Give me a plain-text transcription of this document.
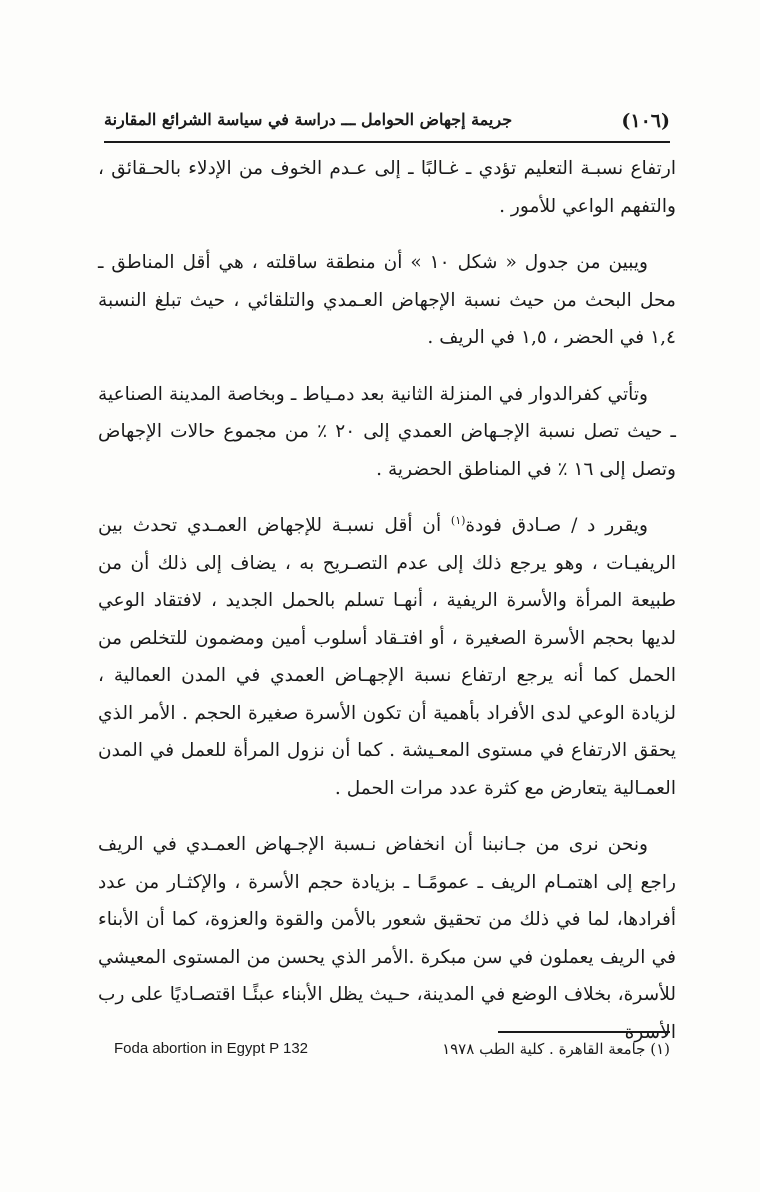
(١٠٦)
جريمة إجهاض الحوامل ـــ دراسة في سياسة الشرائع المقارنة

ارتفاع نسبـة التعليم تؤدي ـ غـالبًا ـ إلى عـدم الخوف من الإدلاء بالحـقائق ، والتفهم الواعي للأمور .

ويبين من جدول « شكل ١٠ » أن منطقة ساقلته ، هي أقل المناطق ـ محل البحث من حيث نسبة الإجهاض العـمدي والتلقائي ، حيث تبلغ النسبة ١,٤ في الحضر ، ١,٥ في الريف .

وتأتي كفرالدوار في المنزلة الثانية بعد دمـياط ـ وبخاصة المدينة الصناعية ـ حيث تصل نسبة الإجـهاض العمدي إلى ٢٠ ٪ من مجموع حالات الإجهاض وتصل إلى ١٦ ٪ في المناطق الحضرية .

ويقرر د / صـادق فودة$^{(١)}$ أن أقل نسبـة للإجهاض العمـدي تحدث بين الريفيـات ، وهو يرجع ذلك إلى عدم التصـريح به ، يضاف إلى ذلك أن من طبيعة المرأة والأسرة الريفية ، أنهـا تسلم بالحمل الجديد ، لافتقاد الوعي لديها بحجم الأسرة الصغيرة ، أو افتـقاد أسلوب أمين ومضمون للتخلص من الحمل كما أنه يرجع ارتفاع نسبة الإجهـاض العمدي في المدن العمالية ، لزيادة الوعي لدى الأفراد بأهمية أن تكون الأسرة صغيرة الحجم . الأمر الذي يحقق الارتفاع في مستوى المعـيشة . كما أن نزول المرأة للعمل في المدن العمـالية يتعارض مع كثرة عدد مرات الحمل .

ونحن نرى من جـانبنا أن انخفاض نـسبة الإجـهاض العمـدي في الريف راجع إلى اهتمـام الريف ـ عمومًـا ـ بزيادة حجم الأسرة ، والإكثـار من عدد أفرادها، لما في ذلك من تحقيق شعور بالأمن والقوة والعزوة، كما أن الأبناء في الريف يعملون في سن مبكرة .الأمر الذي يحسن من المستوى المعيشي للأسرة، بخلاف الوضع في المدينة، حـيث يظل الأبناء عبئًـا اقتصـاديًا على رب الأسرة

(١) جامعة القاهرة . كلية الطب ١٩٧٨
Foda abortion in Egypt P 132
